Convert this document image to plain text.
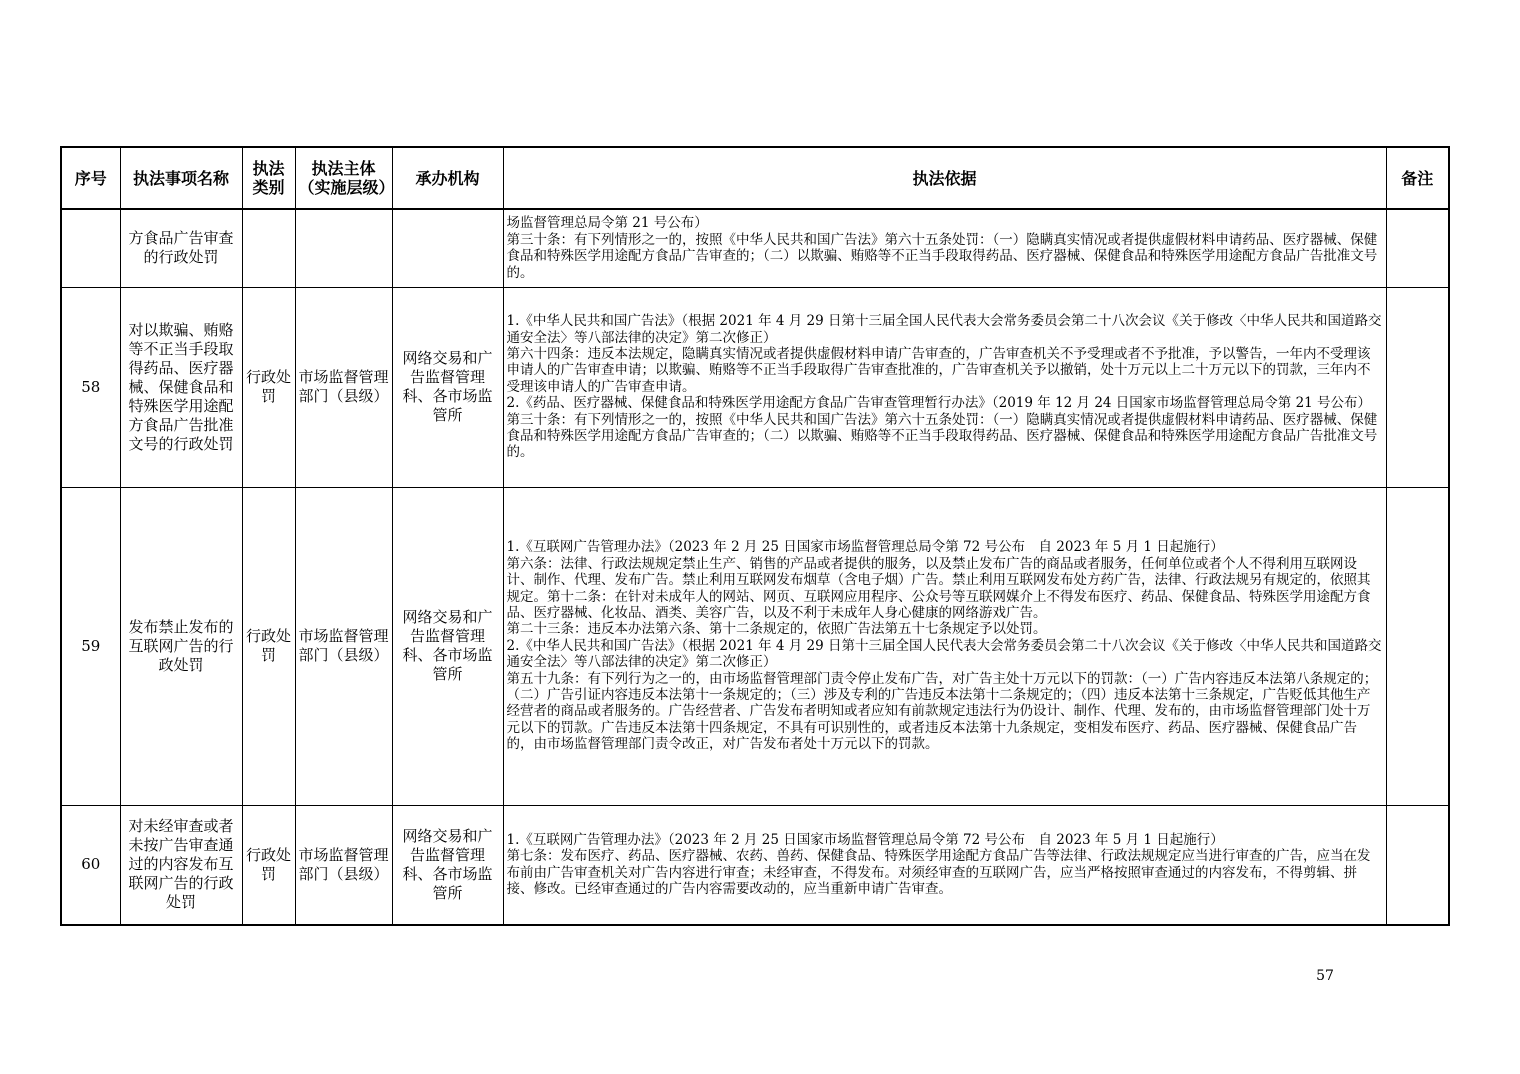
序号	执法事项名称	执法类别	执法主体（实施层级）	承办机构	执法依据	备注
	方食品广告审查的行政处罚				场监督管理总局令第 21 号公布）

第三十条：有下列情形之一的，按照《中华人民共和国广告法》第六十五条处罚：（一）隐瞒真实情况或者提供虚假材料申请药品、医疗器械、保健食品和特殊医学用途配方食品广告审查的；（二）以欺骗、贿赂等不正当手段取得药品、医疗器械、保健食品和特殊医学用途配方食品广告批准文号的。	

58	对以欺骗、贿赂等不正当手段取得药品、医疗器械、保健食品和特殊医学用途配方食品广告批准文号的行政处罚	行政处罚	市场监督管理部门（县级）	网络交易和广告监督管理科、各市场监管所	1.《中华人民共和国广告法》（根据 2021 年 4 月 29 日第十三届全国人民代表大会常务委员会第二十八次会议《关于修改〈中华人民共和国道路交通安全法〉等八部法律的决定》第二次修正）

第六十四条：违反本法规定，隐瞒真实情况或者提供虚假材料申请广告审查的，广告审查机关不予受理或者不予批准，予以警告，一年内不受理该申请人的广告审查申请；以欺骗、贿赂等不正当手段取得广告审查批准的，广告审查机关予以撤销，处十万元以上二十万元以下的罚款，三年内不受理该申请人的广告审查申请。

2.《药品、医疗器械、保健食品和特殊医学用途配方食品广告审查管理暂行办法》（2019 年 12 月 24 日国家市场监督管理总局令第 21 号公布）

第三十条：有下列情形之一的，按照《中华人民共和国广告法》第六十五条处罚：（一）隐瞒真实情况或者提供虚假材料申请药品、医疗器械、保健食品和特殊医学用途配方食品广告审查的；（二）以欺骗、贿赂等不正当手段取得药品、医疗器械、保健食品和特殊医学用途配方食品广告批准文号的。	

59	发布禁止发布的互联网广告的行政处罚	行政处罚	市场监督管理部门（县级）	网络交易和广告监督管理科、各市场监管所	1.《互联网广告管理办法》（2023 年 2 月 25 日国家市场监督管理总局令第 72 号公布　自 2023 年 5 月 1 日起施行）

第六条：法律、行政法规规定禁止生产、销售的产品或者提供的服务，以及禁止发布广告的商品或者服务，任何单位或者个人不得利用互联网设计、制作、代理、发布广告。禁止利用互联网发布烟草（含电子烟）广告。禁止利用互联网发布处方药广告，法律、行政法规另有规定的，依照其规定。第十二条：在针对未成年人的网站、网页、互联网应用程序、公众号等互联网媒介上不得发布医疗、药品、保健食品、特殊医学用途配方食品、医疗器械、化妆品、酒类、美容广告，以及不利于未成年人身心健康的网络游戏广告。

第二十三条：违反本办法第六条、第十二条规定的，依照广告法第五十七条规定予以处罚。

2.《中华人民共和国广告法》（根据 2021 年 4 月 29 日第十三届全国人民代表大会常务委员会第二十八次会议《关于修改〈中华人民共和国道路交通安全法〉等八部法律的决定》第二次修正）

第五十九条：有下列行为之一的，由市场监督管理部门责令停止发布广告，对广告主处十万元以下的罚款：（一）广告内容违反本法第八条规定的；（二）广告引证内容违反本法第十一条规定的；（三）涉及专利的广告违反本法第十二条规定的；（四）违反本法第十三条规定，广告贬低其他生产经营者的商品或者服务的。广告经营者、广告发布者明知或者应知有前款规定违法行为仍设计、制作、代理、发布的，由市场监督管理部门处十万元以下的罚款。广告违反本法第十四条规定，不具有可识别性的，或者违反本法第十九条规定，变相发布医疗、药品、医疗器械、保健食品广告的，由市场监督管理部门责令改正，对广告发布者处十万元以下的罚款。	

60	对未经审查或者未按广告审查通过的内容发布互联网广告的行政处罚	行政处罚	市场监督管理部门（县级）	网络交易和广告监督管理科、各市场监管所	1.《互联网广告管理办法》（2023 年 2 月 25 日国家市场监督管理总局令第 72 号公布　自 2023 年 5 月 1 日起施行）

第七条：发布医疗、药品、医疗器械、农药、兽药、保健食品、特殊医学用途配方食品广告等法律、行政法规规定应当进行审查的广告，应当在发布前由广告审查机关对广告内容进行审查；未经审查，不得发布。对须经审查的互联网广告，应当严格按照审查通过的内容发布，不得剪辑、拼接、修改。已经审查通过的广告内容需要改动的，应当重新申请广告审查。	

57
